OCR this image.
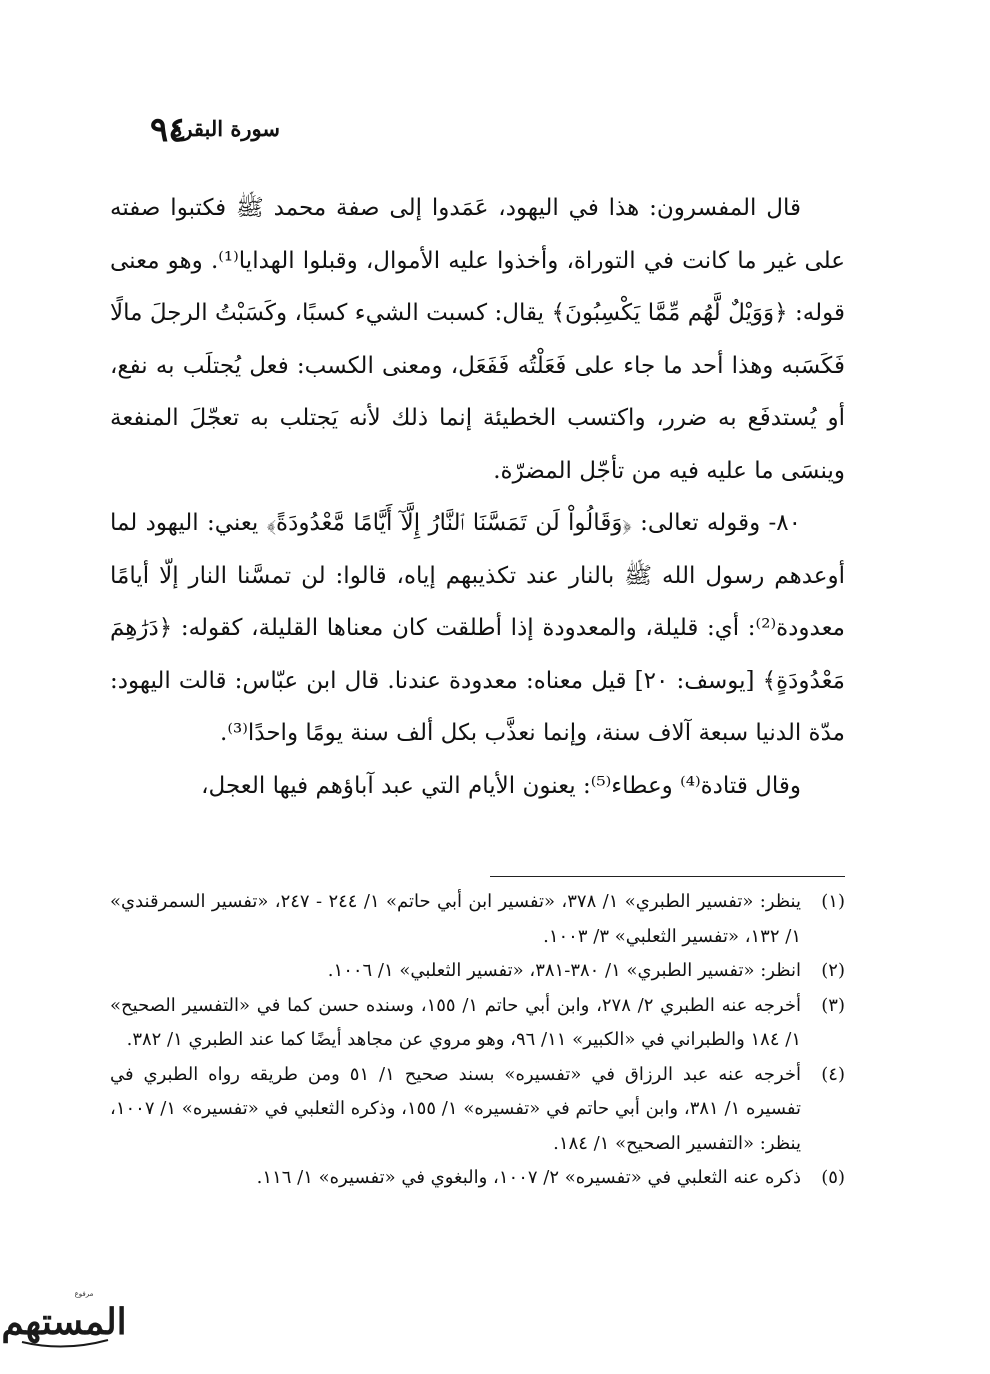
سورة البقرة
٩٤

قال المفسرون: هذا في اليهود، عَمَدوا إلى صفة محمد ﷺ فكتبوا صفته على غير ما كانت في التوراة، وأخذوا عليه الأموال، وقبلوا الهدايا⁽¹⁾. وهو معنى قوله: ﴿وَوَيْلٌ لَّهُم مِّمَّا يَكْسِبُونَ﴾ يقال: كسبت الشيء كسبًا، وكَسَبْتُ الرجلَ مالًا فَكَسَبه وهذا أحد ما جاء على فَعَلْتُه فَفَعَل، ومعنى الكسب: فعل يُجتلَب به نفع، أو يُستدفَع به ضرر، واكتسب الخطيئة إنما ذلك لأنه يَجتلب به تعجّلَ المنفعة وينسَى ما عليه فيه من تأجّل المضرّة.

٨٠- وقوله تعالى: ﴿وَقَالُواْ لَن تَمَسَّنَا ٱلنَّارُ إِلَّآ أَيَّامًا مَّعْدُودَةً﴾ يعني: اليهود لما أوعدهم رسول الله ﷺ بالنار عند تكذيبهم إياه، قالوا: لن تمسَّنا النار إلّا أيامًا معدودة⁽²⁾: أي: قليلة، والمعدودة إذا أطلقت كان معناها القليلة، كقوله: ﴿دَرَٰهِمَ مَعْدُودَةٍ﴾ [يوسف: ٢٠] قيل معناه: معدودة عندنا. قال ابن عبّاس: قالت اليهود: مدّة الدنيا سبعة آلاف سنة، وإنما نعذَّب بكل ألف سنة يومًا واحدًا⁽³⁾.

وقال قتادة⁽⁴⁾ وعطاء⁽⁵⁾: يعنون الأيام التي عبد آباؤهم فيها العجل،

(١)
ينظر: «تفسير الطبري» ١/ ٣٧٨، «تفسير ابن أبي حاتم» ١/ ٢٤٤ - ٢٤٧، «تفسير السمرقندي» ١/ ١٣٢، «تفسير الثعلبي» ٣/ ١٠٠٣.
(٢)
انظر: «تفسير الطبري» ١/ ٣٨٠-٣٨١، «تفسير الثعلبي» ١/ ١٠٠٦.
(٣)
أخرجه عنه الطبري ٢/ ٢٧٨، وابن أبي حاتم ١/ ١٥٥، وسنده حسن كما في «التفسير الصحيح» ١/ ١٨٤ والطبراني في «الكبير» ١١/ ٩٦، وهو مروي عن مجاهد أيضًا كما عند الطبري ١/ ٣٨٢.
(٤)
أخرجه عنه عبد الرزاق في «تفسيره» بسند صحيح ١/ ٥١ ومن طريقه رواه الطبري في تفسيره ١/ ٣٨١، وابن أبي حاتم في «تفسيره» ١/ ١٥٥، وذكره الثعلبي في «تفسيره» ١/ ١٠٠٧، ينظر: «التفسير الصحيح» ١/ ١٨٤.
(٥)
ذكره عنه الثعلبي في «تفسيره» ٢/ ١٠٠٧، والبغوي في «تفسيره» ١/ ١١٦.
مرفوع
المستهم
